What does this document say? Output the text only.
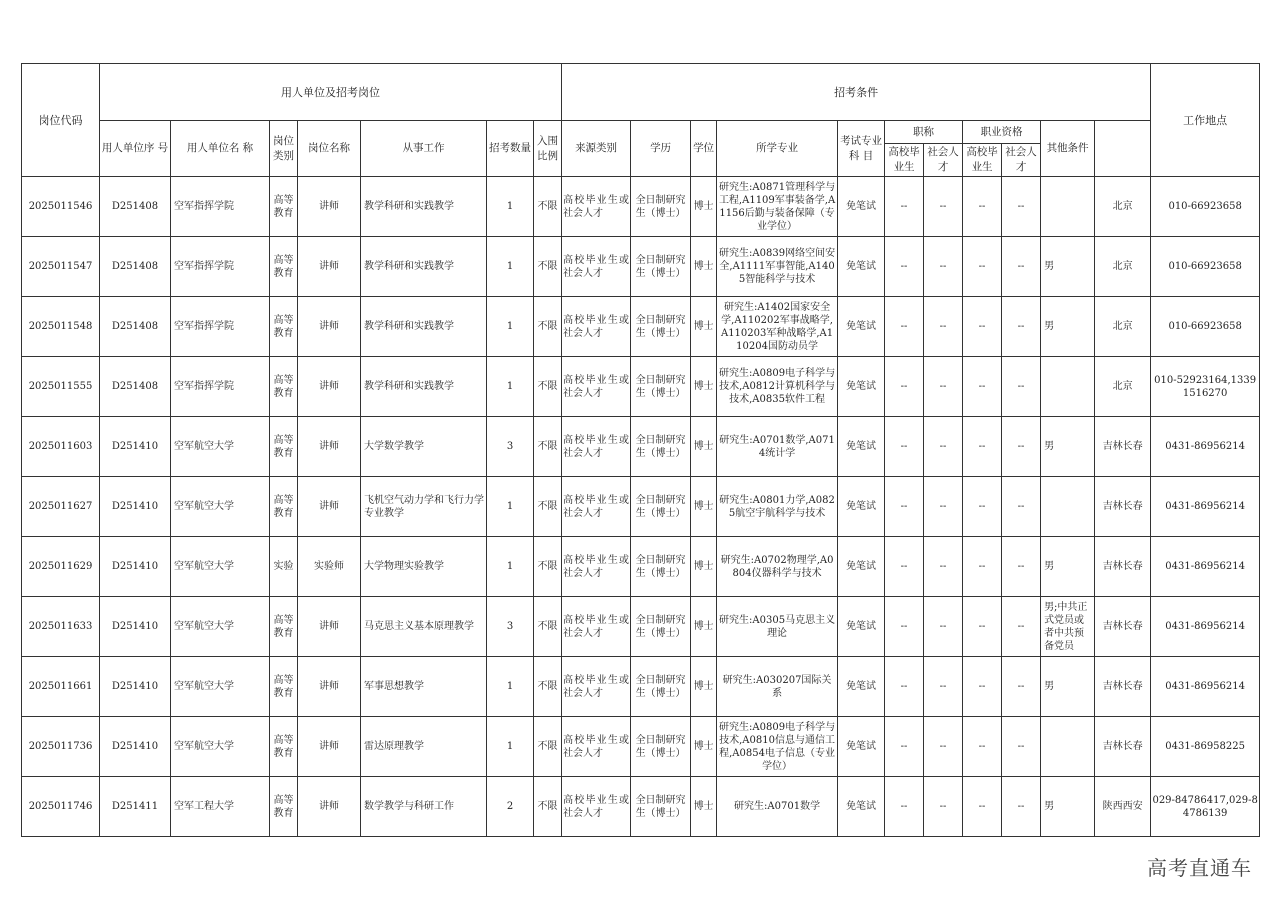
岗位代码	用人单位及招考岗位							招考条件											工作地点	
	用人单位序 号	用人单位名 称	岗位类别	岗位名称	从事工作	招考数量	入围比例	来源类别	学历	学位	所学专业	考试专业科 目	职称		职业资格		其他条件			
													高校毕业生	社会人才	高校毕业生	社会人才				
2025011546	D251408	空军指挥学院	高等教育	讲师	教学科研和实践教学	1	不限	高校毕业生或社会人才	全日制研究生（博士）	博士	研究生:A0871管理科学与工程,A1109军事装备学,A1156后勤与装备保障（专业学位）	免笔试	--	--	--	--		北京	010-66923658	
2025011547	D251408	空军指挥学院	高等教育	讲师	教学科研和实践教学	1	不限	高校毕业生或社会人才	全日制研究生（博士）	博士	研究生:A0839网络空间安全,A1111军事智能,A1405智能科学与技术	免笔试	--	--	--	--	男	北京	010-66923658	
2025011548	D251408	空军指挥学院	高等教育	讲师	教学科研和实践教学	1	不限	高校毕业生或社会人才	全日制研究生（博士）	博士	研究生:A1402国家安全学,A110202军事战略学,A110203军种战略学,A110204国防动员学	免笔试	--	--	--	--	男	北京	010-66923658	
2025011555	D251408	空军指挥学院	高等教育	讲师	教学科研和实践教学	1	不限	高校毕业生或社会人才	全日制研究生（博士）	博士	研究生:A0809电子科学与技术,A0812计算机科学与技术,A0835软件工程	免笔试	--	--	--	--		北京	010-52923164,13391516270	
2025011603	D251410	空军航空大学	高等教育	讲师	大学数学教学	3	不限	高校毕业生或社会人才	全日制研究生（博士）	博士	研究生:A0701数学,A0714统计学	免笔试	--	--	--	--	男	吉林长春	0431-86956214	
2025011627	D251410	空军航空大学	高等教育	讲师	飞机空气动力学和飞行力学专业教学	1	不限	高校毕业生或社会人才	全日制研究生（博士）	博士	研究生:A0801力学,A0825航空宇航科学与技术	免笔试	--	--	--	--		吉林长春	0431-86956214	
2025011629	D251410	空军航空大学	实验	实验师	大学物理实验教学	1	不限	高校毕业生或社会人才	全日制研究生（博士）	博士	研究生:A0702物理学,A0804仪器科学与技术	免笔试	--	--	--	--	男	吉林长春	0431-86956214	
2025011633	D251410	空军航空大学	高等教育	讲师	马克思主义基本原理教学	3	不限	高校毕业生或社会人才	全日制研究生（博士）	博士	研究生:A0305马克思主义理论	免笔试	--	--	--	--	男;中共正式党员或者中共预备党员	吉林长春	0431-86956214	
2025011661	D251410	空军航空大学	高等教育	讲师	军事思想教学	1	不限	高校毕业生或社会人才	全日制研究生（博士）	博士	研究生:A030207国际关系	免笔试	--	--	--	--	男	吉林长春	0431-86956214	
2025011736	D251410	空军航空大学	高等教育	讲师	雷达原理教学	1	不限	高校毕业生或社会人才	全日制研究生（博士）	博士	研究生:A0809电子科学与技术,A0810信息与通信工程,A0854电子信息（专业学位）	免笔试	--	--	--	--		吉林长春	0431-86958225	
2025011746	D251411	空军工程大学	高等教育	讲师	数学教学与科研工作	2	不限	高校毕业生或社会人才	全日制研究生（博士）	博士	研究生:A0701数学	免笔试	--	--	--	--	男	陕西西安	029-84786417,029-84786139	
高考直通车
